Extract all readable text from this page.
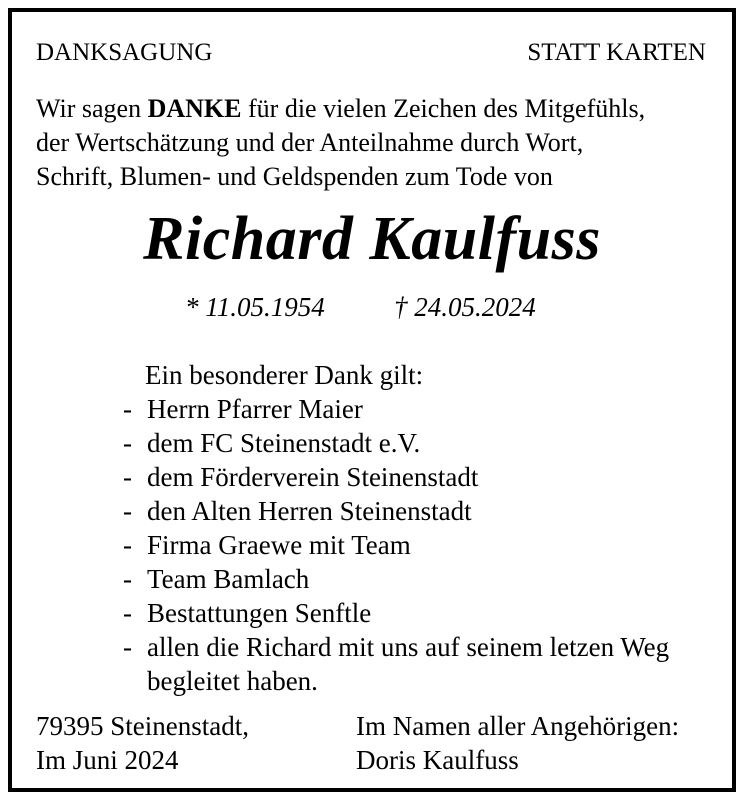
DANKSAGUNG	STATT KARTEN
Wir sagen DANKE für die vielen Zeichen des Mitgefühls,
der Wertschätzung und der Anteilnahme durch Wort,
Schrift, Blumen- und Geldspenden zum Tode von
Richard Kaulfuss
* 11.05.1954	† 24.05.2024
Ein besonderer Dank gilt:
- Herrn Pfarrer Maier
- dem FC Steinenstadt e.V.
- dem Förderverein Steinenstadt
- den Alten Herren Steinenstadt
- Firma Graewe mit Team
- Team Bamlach
- Bestattungen Senftle
- allen die Richard mit uns auf seinem letzen Weg
begleitet haben.
79395 Steinenstadt,
Im Juni 2024
Im Namen aller Angehörigen:
Doris Kaulfuss
